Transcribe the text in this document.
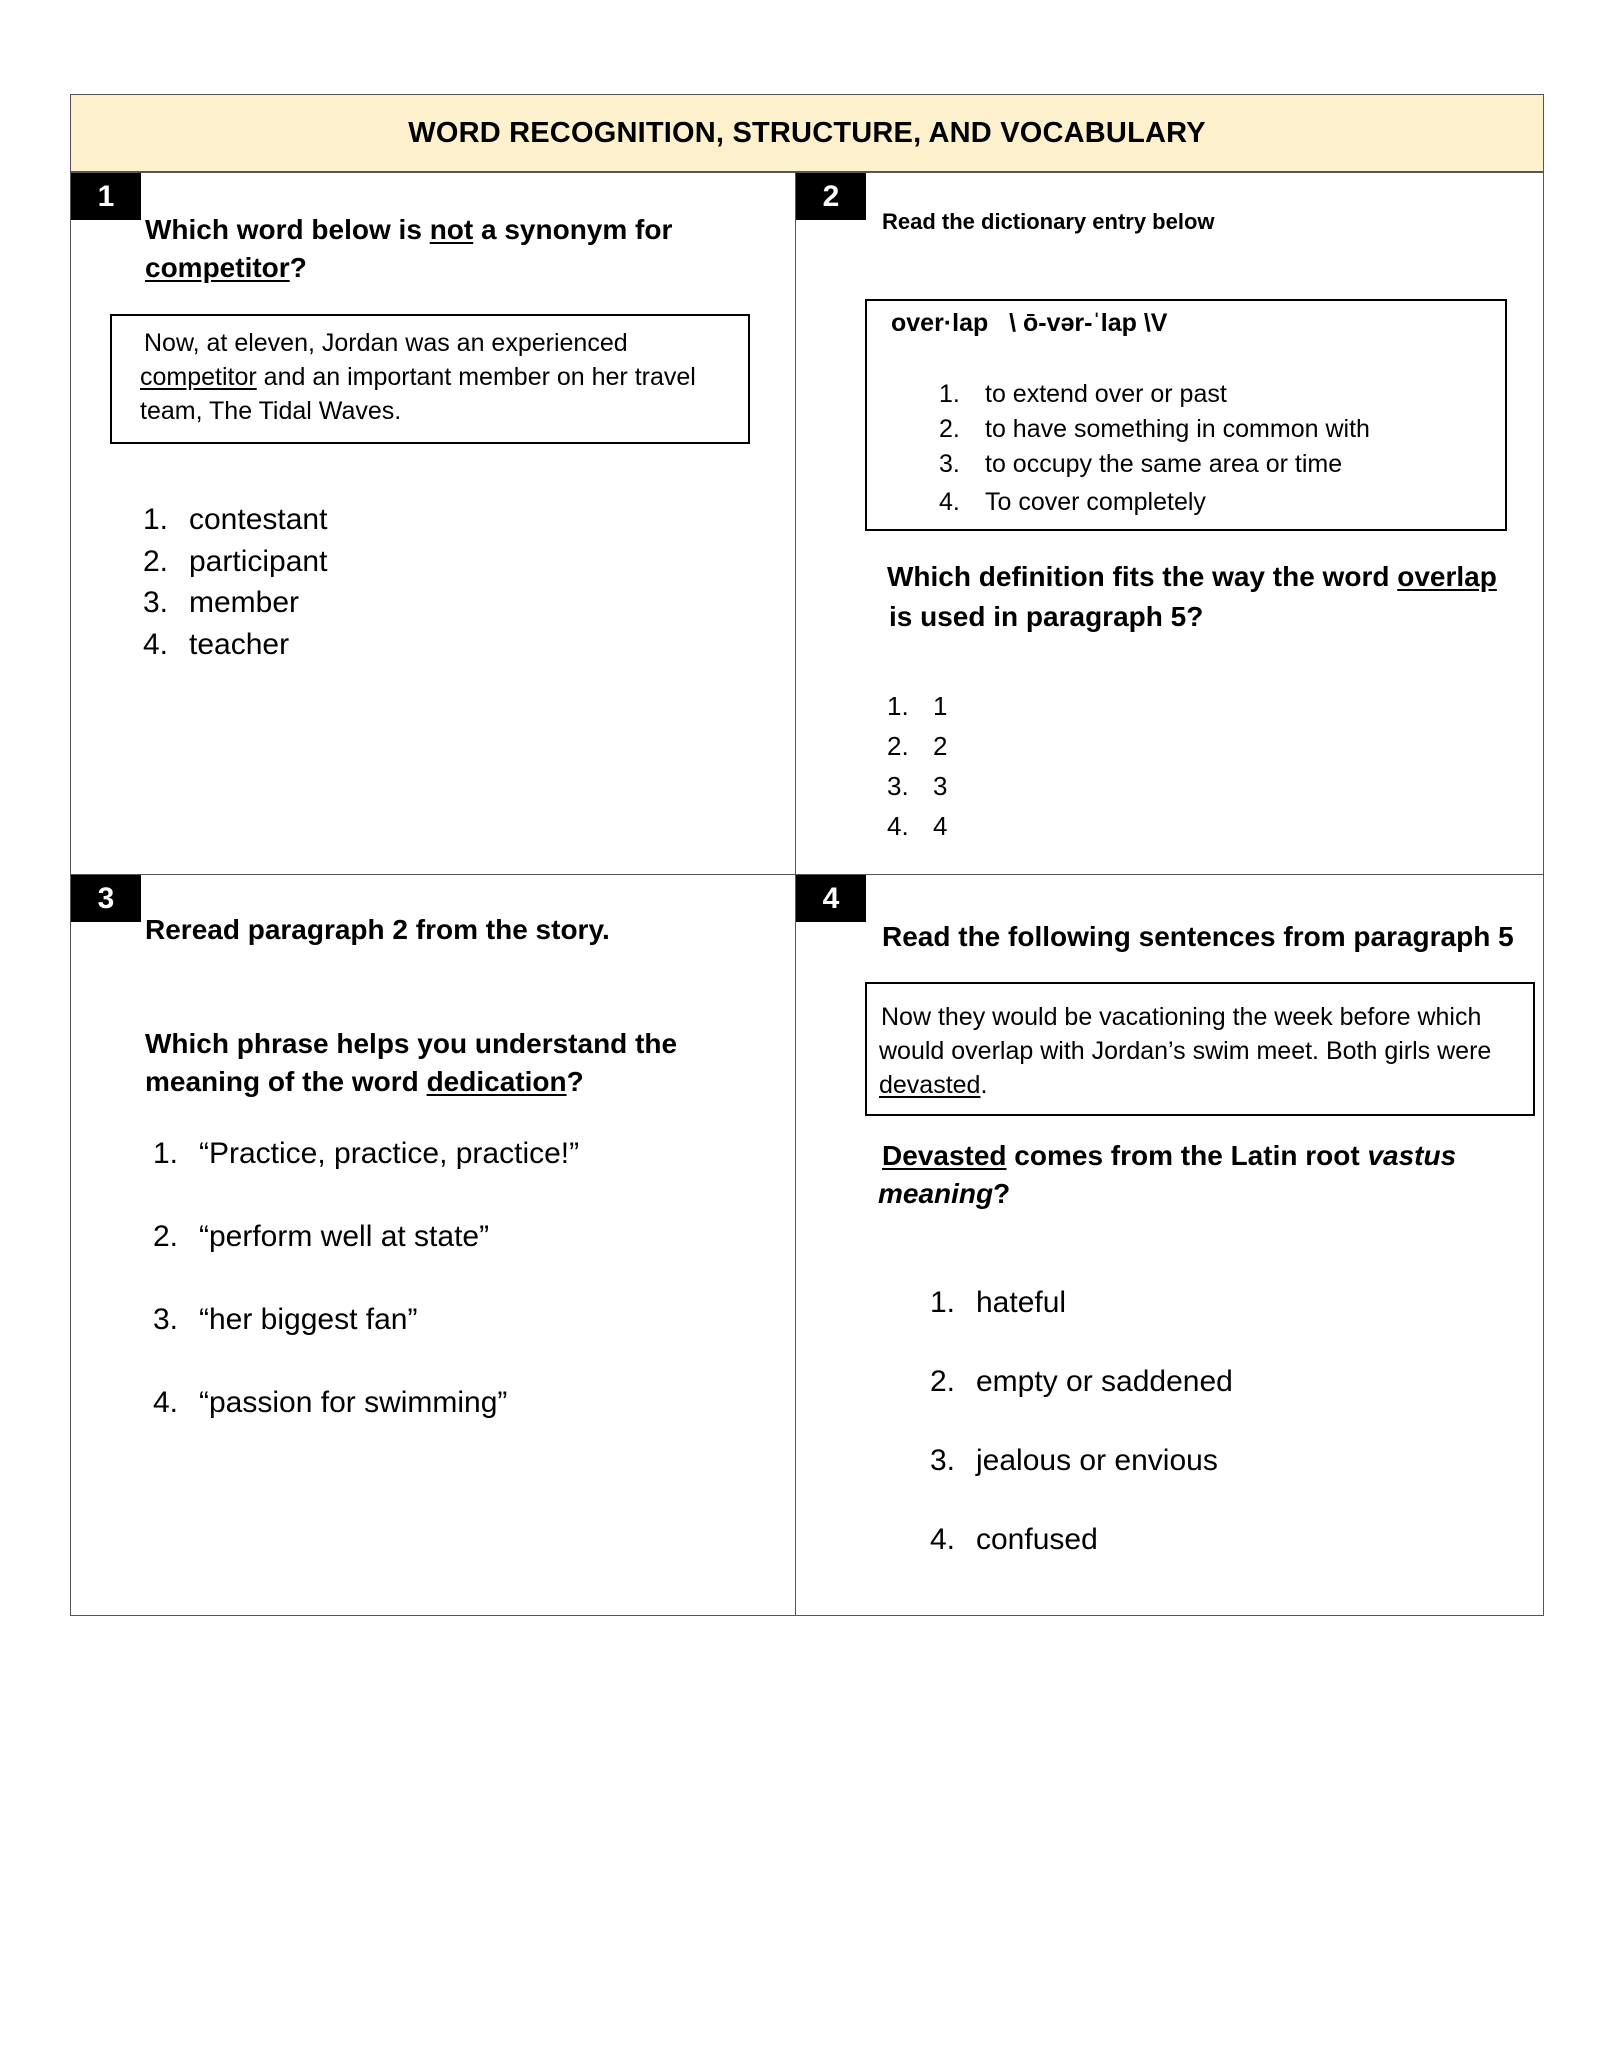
WORD RECOGNITION, STRUCTURE, AND VOCABULARY
1
Which word below is not a synonym for
competitor?
Now, at eleven, Jordan was an experienced
competitor and an important member on her travel
team, The Tidal Waves.
1. contestant
2. participant
3. member
4. teacher
2
Read the dictionary entry below
over·lap \ ō-vər-ˈlap \V
1.	to extend over or past
2.	to have something in common with
3.	to occupy the same area or time
4.	To cover completely
Which definition fits the way the word overlap
is used in paragraph 5?
1. 1
2. 2
3. 3
4. 4
3
Reread paragraph 2 from the story.
Which phrase helps you understand the
meaning of the word dedication?
1. “Practice, practice, practice!”
2. “perform well at state”
3. “her biggest fan”
4. “passion for swimming”
4
Read the following sentences from paragraph 5
Now they would be vacationing the week before which
would overlap with Jordan’s swim meet. Both girls were
devasted.
Devasted comes from the Latin root vastus
meaning?
1. hateful
2. empty or saddened
3. jealous or envious
4. confused
